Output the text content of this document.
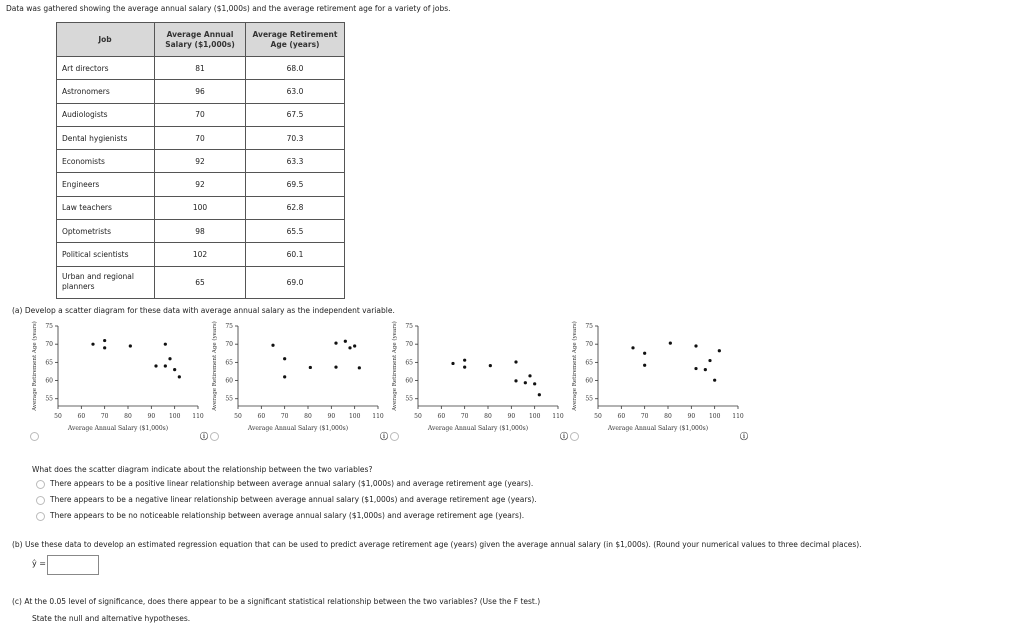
Data was gathered showing the average annual salary ($1,000s) and the average retirement age for a variety of jobs.
Job	Average Annual Salary ($1,000s)	Average Retirement Age (years)
Art directors	81	68.0
Astronomers	96	63.0
Audiologists	70	67.5
Dental hygienists	70	70.3
Economists	92	63.3
Engineers	92	69.5
Law teachers	100	62.8
Optometrists	98	65.5
Political scientists	102	60.1
Urban and regional planners	65	69.0
(a) Develop a scatter diagram for these data with average annual salary as the independent variable.
50	60	70	80	90 100 110
75
70
65
60
55
Average Annual Salary ($1,000s)
Average Retirement Age (years)
ⓘ
50	60	70	80	90 100 110
75
70
65
60
55
Average Annual Salary ($1,000s)
Average Retirement Age (years)
ⓘ
50	60	70	80	90 100 110
75
70
65
60
55
Average Annual Salary ($1,000s)
Average Retirement Age (years)
ⓘ
50	60	70	80	90 100 110
75
70
65
60
55
Average Annual Salary ($1,000s)
Average Retirement Age (years)
ⓘ
What does the scatter diagram indicate about the relationship between the two variables?
There appears to be a positive linear relationship between average annual salary ($1,000s) and average retirement age (years).
There appears to be a negative linear relationship between average annual salary ($1,000s) and average retirement age (years).
There appears to be no noticeable relationship between average annual salary ($1,000s) and average retirement age (years).
(b) Use these data to develop an estimated regression equation that can be used to predict average retirement age (years) given the average annual salary (in $1,000s). (Round your numerical values to three decimal places).
ŷ =
(c) At the 0.05 level of significance, does there appear to be a significant statistical relationship between the two variables? (Use the F test.)
State the null and alternative hypotheses.
